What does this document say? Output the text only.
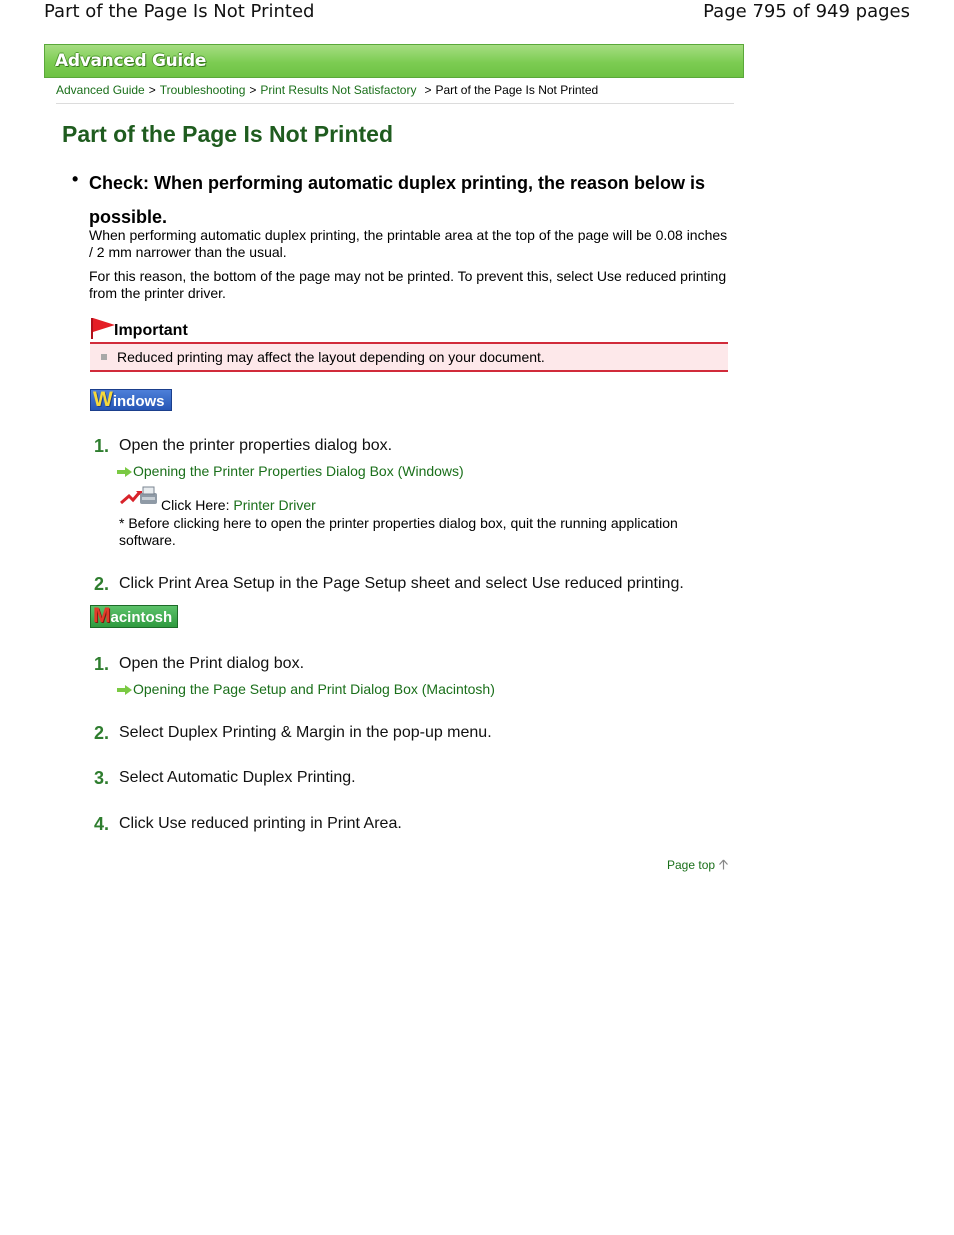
Part of the Page Is Not Printed	Page 795 of 949 pages
Advanced Guide
Advanced Guide > Troubleshooting > Print Results Not Satisfactory > Part of the Page Is Not Printed
Part of the Page Is Not Printed
• Check: When performing automatic duplex printing, the reason below is possible.
When performing automatic duplex printing, the printable area at the top of the page will be 0.08 inches / 2 mm narrower than the usual.
For this reason, the bottom of the page may not be printed. To prevent this, select Use reduced printing from the printer driver.
Important
Reduced printing may affect the layout depending on your document.
Windows
1. Open the printer properties dialog box.
Opening the Printer Properties Dialog Box (Windows)
Click Here: Printer Driver
* Before clicking here to open the printer properties dialog box, quit the running application software.
2. Click Print Area Setup in the Page Setup sheet and select Use reduced printing.
Macintosh
1. Open the Print dialog box.
Opening the Page Setup and Print Dialog Box (Macintosh)
2. Select Duplex Printing & Margin in the pop-up menu.
3. Select Automatic Duplex Printing.
4. Click Use reduced printing in Print Area.
Page top
